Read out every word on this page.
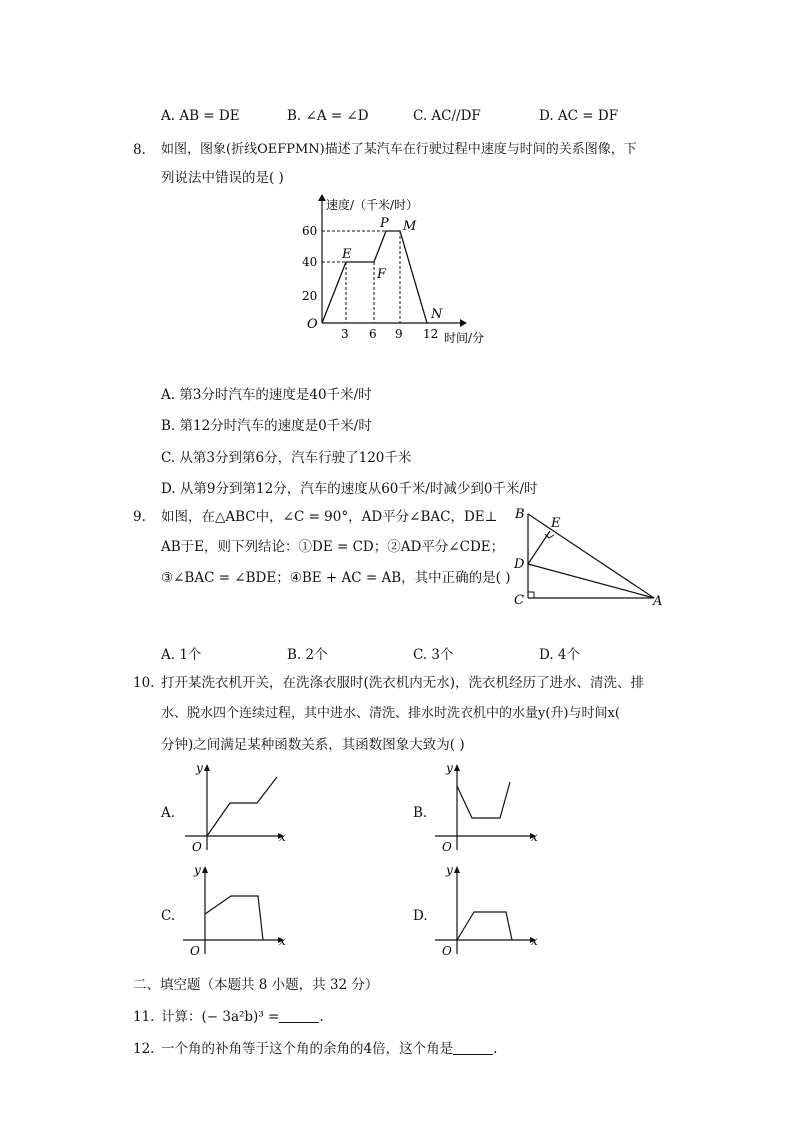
A. AB = DE	B. ∠A = ∠D	C. AC//DF	D. AC = DF
8. 如图，图象(折线OEFPMN)描述了某汽车在行驶过程中速度与时间的关系图像，下
列说法中错误的是( )
速度/（千米/时）
60
40
20
O
3 6 9 12 时间/分
E
F
P M
N
A. 第3分时汽车的速度是40千米/时
B. 第12分时汽车的速度是0千米/时
C. 从第3分到第6分，汽车行驶了120千米
D. 从第9分到第12分，汽车的速度从60千米/时减少到0千米/时
9. 如图，在△ABC中，∠C = 90°，AD平分∠BAC，DE⊥
AB于E，则下列结论：①DE = CD；②AD平分∠CDE；
③∠BAC = ∠BDE；④BE + AC = AB，其中正确的是( )
B
E
D
C	A
A. 1个	B. 2个	C. 3个	D. 4个
10. 打开某洗衣机开关，在洗涤衣服时(洗衣机内无水)，洗衣机经历了进水、清洗、排
水、脱水四个连续过程，其中进水、清洗、排水时洗衣机中的水量y(升)与时间x(
分钟)之间满足某种函数关系，其函数图象大致为( )
A.
y
x
O
B.
y
x
O
C.
y
x
O
D.
y
x
O
二、填空题（本题共 8 小题，共 32 分）
11. 计算：(− 3a²b)³ =	.
12. 一个角的补角等于这个角的余角的4倍，这个角是	.
